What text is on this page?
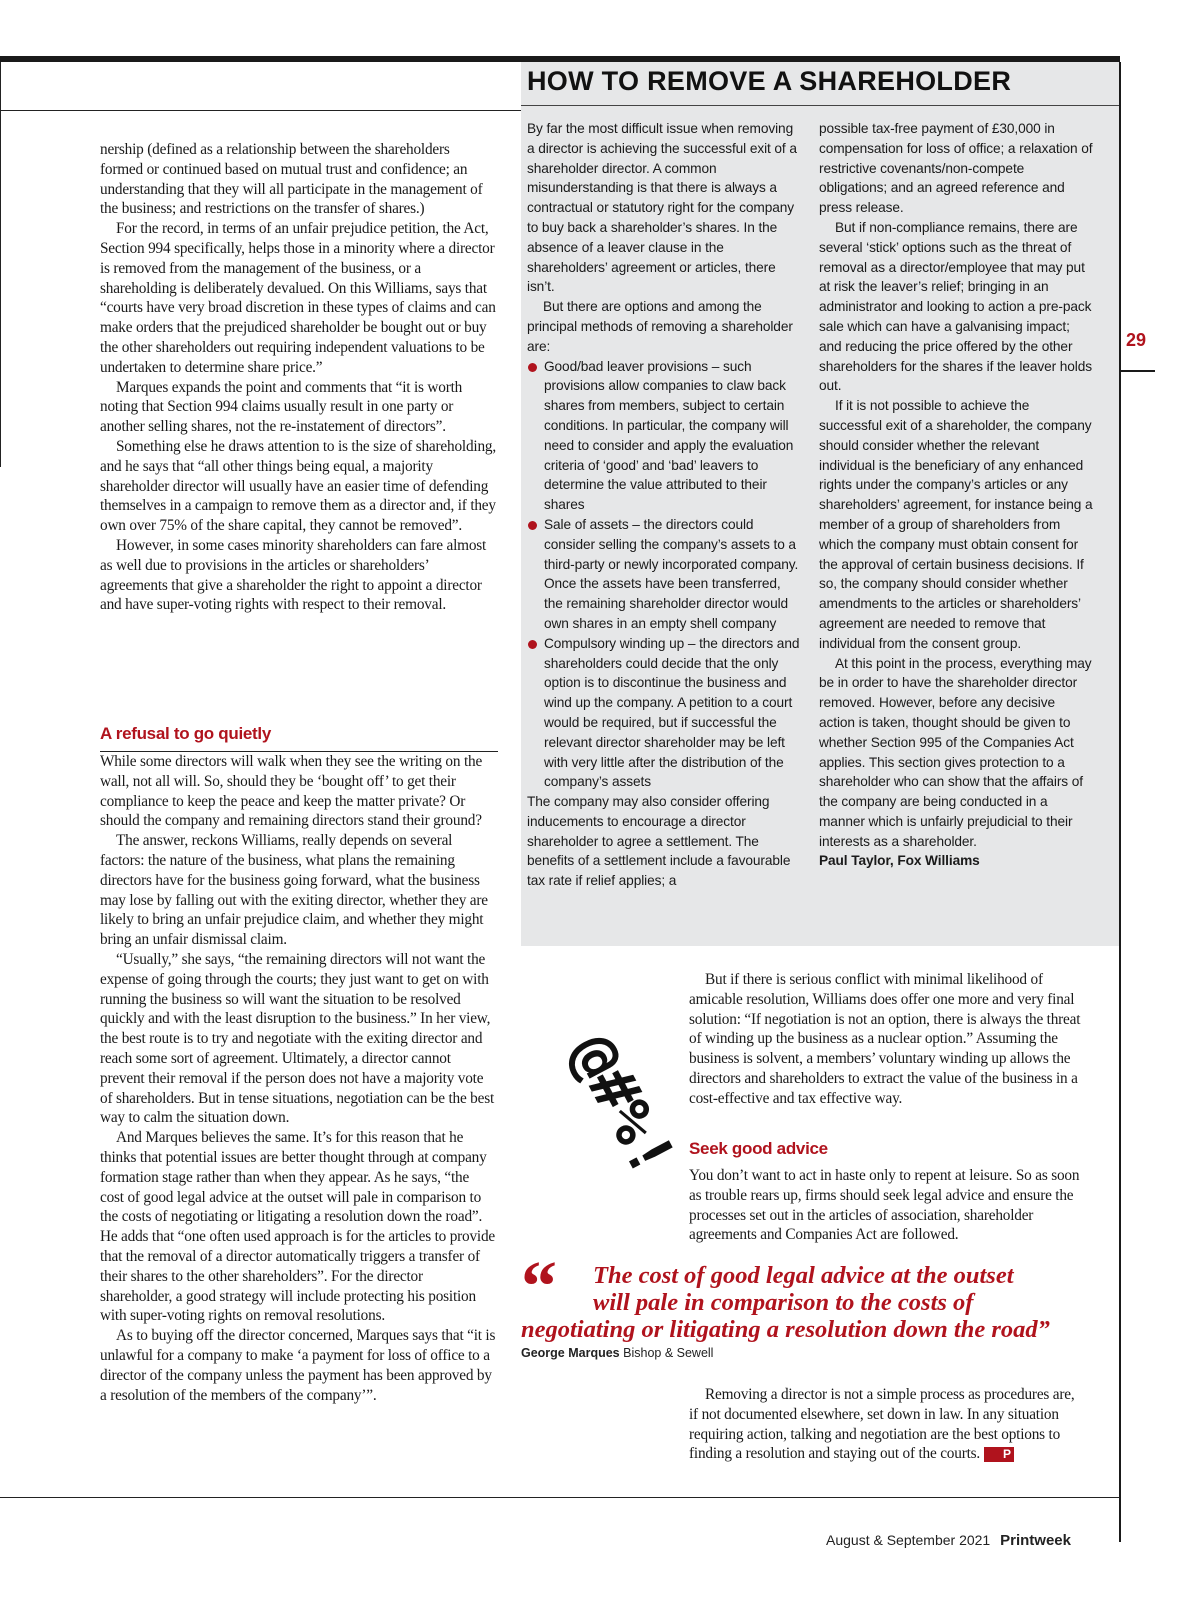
29

nership (defined as a relationship between the shareholders formed or continued based on mutual trust and confidence; an understanding that they will all participate in the management of the business; and restrictions on the transfer of shares.)

For the record, in terms of an unfair prejudice petition, the Act, Section 994 specifically, helps those in a minority where a director is removed from the management of the business, or a shareholding is deliberately devalued. On this Williams, says that “courts have very broad discretion in these types of claims and can make orders that the prejudiced shareholder be bought out or buy the other shareholders out requiring independent valuations to be undertaken to determine share price.”

Marques expands the point and comments that “it is worth noting that Section 994 claims usually result in one party or another selling shares, not the re-instatement of directors”.

Something else he draws attention to is the size of shareholding, and he says that “all other things being equal, a majority shareholder director will usually have an easier time of defending themselves in a campaign to remove them as a director and, if they own over 75% of the share capital, they cannot be removed”.

However, in some cases minority shareholders can fare almost as well due to provisions in the articles or shareholders’ agreements that give a shareholder the right to appoint a director and have super-voting rights with respect to their removal.

A refusal to go quietly

While some directors will walk when they see the writing on the wall, not all will. So, should they be ‘bought off’ to get their compliance to keep the peace and keep the matter private? Or should the company and remaining directors stand their ground?

The answer, reckons Williams, really depends on several factors: the nature of the business, what plans the remaining directors have for the business going forward, what the business may lose by falling out with the exiting director, whether they are likely to bring an unfair prejudice claim, and whether they might bring an unfair dismissal claim.

“Usually,” she says, “the remaining directors will not want the expense of going through the courts; they just want to get on with running the business so will want the situation to be resolved quickly and with the least disruption to the business.” In her view, the best route is to try and negotiate with the exiting director and reach some sort of agreement. Ultimately, a director cannot prevent their removal if the person does not have a majority vote of shareholders. But in tense situations, negotiation can be the best way to calm the situation down.

And Marques believes the same. It’s for this reason that he thinks that potential issues are better thought through at company formation stage rather than when they appear. As he says, “the cost of good legal advice at the outset will pale in comparison to the costs of negotiating or litigating a resolution down the road”. He adds that “one often used approach is for the articles to provide that the removal of a director automatically triggers a transfer of their shares to the other shareholders”. For the director shareholder, a good strategy will include protecting his position with super-voting rights on removal resolutions.

As to buying off the director concerned, Marques says that “it is unlawful for a company to make ‘a payment for loss of office to a director of the company unless the payment has been approved by a resolution of the members of the company’”.

HOW TO REMOVE A SHAREHOLDER

By far the most difficult issue when removing a director is achieving the successful exit of a shareholder director. A common misunderstanding is that there is always a contractual or statutory right for the company to buy back a shareholder’s shares. In the absence of a leaver clause in the shareholders’ agreement or articles, there isn’t.

But there are options and among the principal methods of removing a shareholder are:

Good/bad leaver provisions – such provisions allow companies to claw back shares from members, subject to certain conditions. In particular, the company will need to consider and apply the evaluation criteria of ‘good’ and ‘bad’ leavers to determine the value attributed to their shares
Sale of assets – the directors could consider selling the company’s assets to a third-party or newly incorporated company. Once the assets have been transferred, the remaining shareholder director would own shares in an empty shell company
Compulsory winding up – the directors and shareholders could decide that the only option is to discontinue the business and wind up the company. A petition to a court would be required, but if successful the relevant director shareholder may be left with very little after the distribution of the company’s assets

The company may also consider offering inducements to encourage a director shareholder to agree a settlement. The benefits of a settlement include a favourable tax rate if relief applies; a

possible tax-free payment of £30,000 in compensation for loss of office; a relaxation of restrictive covenants/non-compete obligations; and an agreed reference and press release.

But if non-compliance remains, there are several ‘stick’ options such as the threat of removal as a director/employee that may put at risk the leaver’s relief; bringing in an administrator and looking to action a pre-pack sale which can have a galvanising impact; and reducing the price offered by the other shareholders for the shares if the leaver holds out.

If it is not possible to achieve the successful exit of a shareholder, the company should consider whether the relevant individual is the beneficiary of any enhanced rights under the company’s articles or any shareholders’ agreement, for instance being a member of a group of shareholders from which the company must obtain consent for the approval of certain business decisions. If so, the company should consider whether amendments to the articles or shareholders’ agreement are needed to remove that individual from the consent group.

At this point in the process, everything may be in order to have the shareholder director removed. However, before any decisive action is taken, thought should be given to whether Section 995 of the Companies Act applies. This section gives protection to a shareholder who can show that the affairs of the company are being conducted in a manner which is unfairly prejudicial to their interests as a shareholder.

Paul Taylor, Fox Williams

But if there is serious conflict with minimal likelihood of amicable resolution, Williams does offer one more and very final solution: “If negotiation is not an option, there is always the threat of winding up the business as a nuclear option.” Assuming the business is solvent, a members’ voluntary winding up allows the directors and shareholders to extract the value of the business in a cost-effective and tax effective way.

Seek good advice

You don’t want to act in haste only to repent at leisure. So as soon as trouble rears up, firms should seek legal advice and ensure the processes set out in the articles of association, shareholder agreements and Companies Act are followed.

@#%!
“	The cost of good legal advice at the outset
will pale in comparison to the costs of
negotiating or litigating a resolution down the road”
George Marques Bishop & Sewell

Removing a director is not a simple process as procedures are, if not documented elsewhere, set down in law. In any situation requiring action, talking and negotiation are the best options to finding a resolution and staying out of the courts. P

August & September 2021 Printweek
